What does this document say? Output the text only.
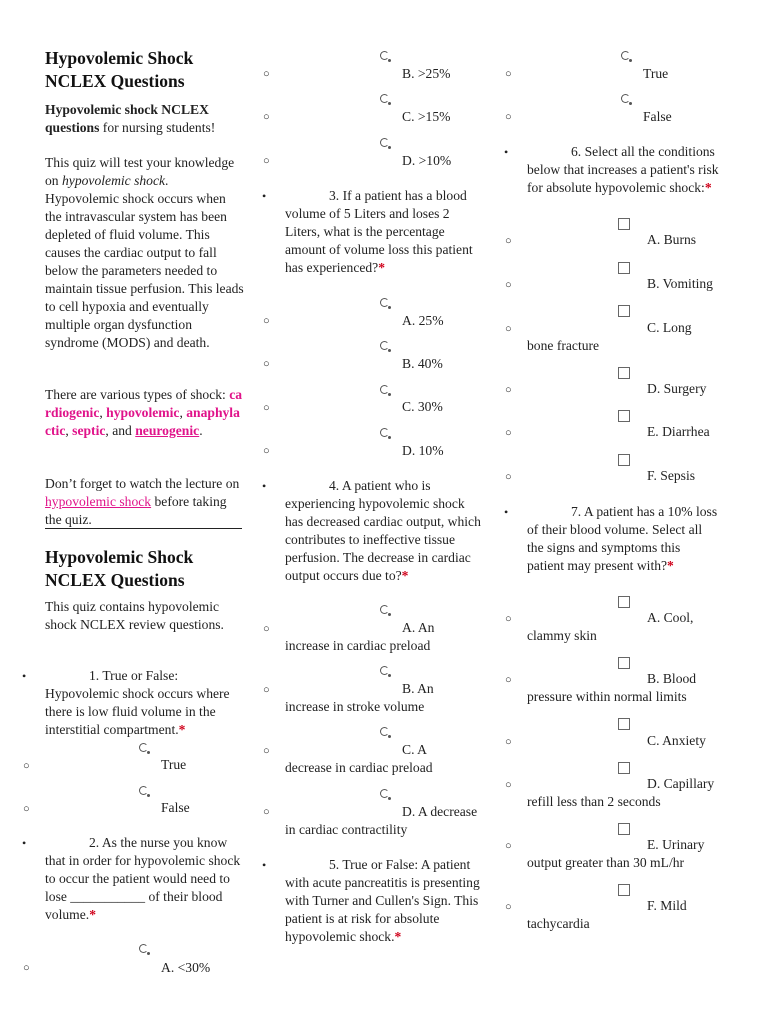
Hypovolemic Shock NCLEX Questions

Hypovolemic shock NCLEX questions for nursing students!

This quiz will test your knowledge on hypovolemic shock. Hypovolemic shock occurs when the intravascular system has been depleted of fluid volume. This causes the cardiac output to fall below the parameters needed to maintain tissue perfusion. This leads to cell hypoxia and eventually multiple organ dysfunction syndrome (MODS) and death.

There are various types of shock: cardiogenic, hypovolemic, anaphylactic, septic, and neurogenic.

Don’t forget to watch the lecture on hypovolemic shock before taking the quiz.

Hypovolemic Shock NCLEX Questions

This quiz contains hypovolemic shock NCLEX review questions.

•	1. True or False: Hypovolemic shock occurs where there is low fluid volume in the interstitial compartment.*

○	True
○	False
•	2. As the nurse you know that in order for hypovolemic shock to occur the patient would need to lose ___________ of their blood volume.*

○	A. <30%
○	B. >25%
○	C. >15%
○	D. >10%
•	3. If a patient has a blood volume of 5 Liters and loses 2 Liters, what is the percentage amount of volume loss this patient has experienced?*

○	A. 25%
○	B. 40%
○	C. 30%
○	D. 10%
•	4. A patient who is experiencing hypovolemic shock has decreased cardiac output, which contributes to ineffective tissue perfusion. The decrease in cardiac output occurs due to?*

○	A. An increase in cardiac preload

○	B. An increase in stroke volume

○	C. A decrease in cardiac preload

○	D. A decrease in cardiac contractility

•	5. True or False: A patient with acute pancreatitis is presenting with Turner and Cullen's Sign. This patient is at risk for absolute hypovolemic shock.*

○	True
○	False
•	6. Select all the conditions below that increases a patient's risk for absolute hypovolemic shock:*

○	A. Burns
○	B. Vomiting
○	C. Long bone fracture

○	D. Surgery
○	E. Diarrhea
○	F. Sepsis
•	7. A patient has a 10% loss of their blood volume. Select all the signs and symptoms this patient may present with?*

○	A. Cool, clammy skin

○	B. Blood pressure within normal limits

○	C. Anxiety
○	D. Capillary refill less than 2 seconds

○	E. Urinary output greater than 30 mL/hr

○	F. Mild tachycardia
